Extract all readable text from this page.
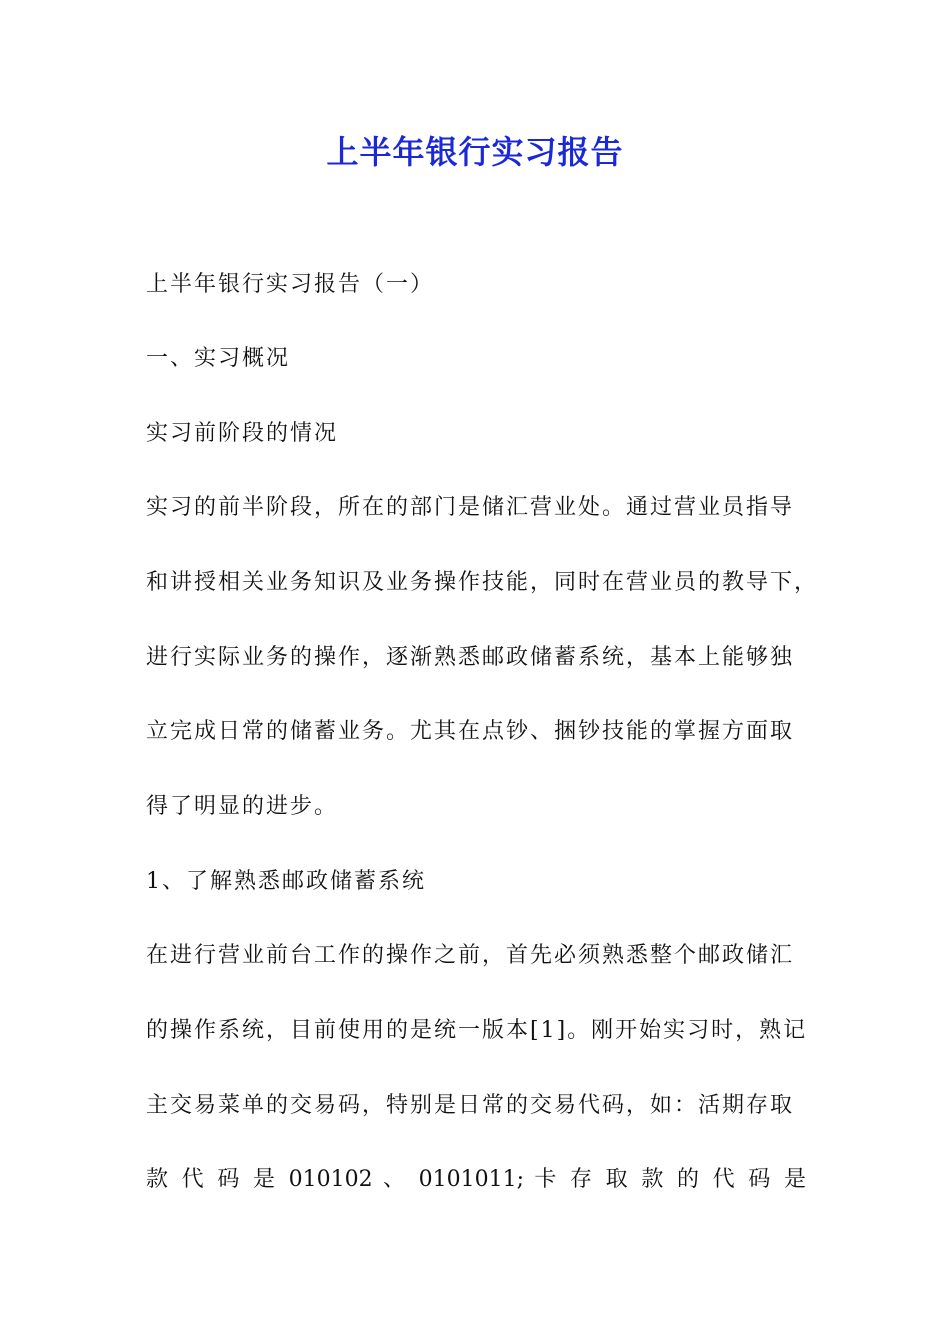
上半年银行实习报告
上半年银行实习报告（一）
一、实习概况
实习前阶段的情况
实习的前半阶段，所在的部门是储汇营业处。通过营业员指导
和讲授相关业务知识及业务操作技能，同时在营业员的教导下，
进行实际业务的操作，逐渐熟悉邮政储蓄系统，基本上能够独
立完成日常的储蓄业务。尤其在点钞、捆钞技能的掌握方面取
得了明显的进步。
1、了解熟悉邮政储蓄系统
在进行营业前台工作的操作之前，首先必须熟悉整个邮政储汇
的操作系统，目前使用的是统一版本[1]。刚开始实习时，熟记
主交易菜单的交易码，特别是日常的交易代码，如：活期存取
款 代 码 是 010102 、 0101011; 卡 存 取 款 的 代 码 是
